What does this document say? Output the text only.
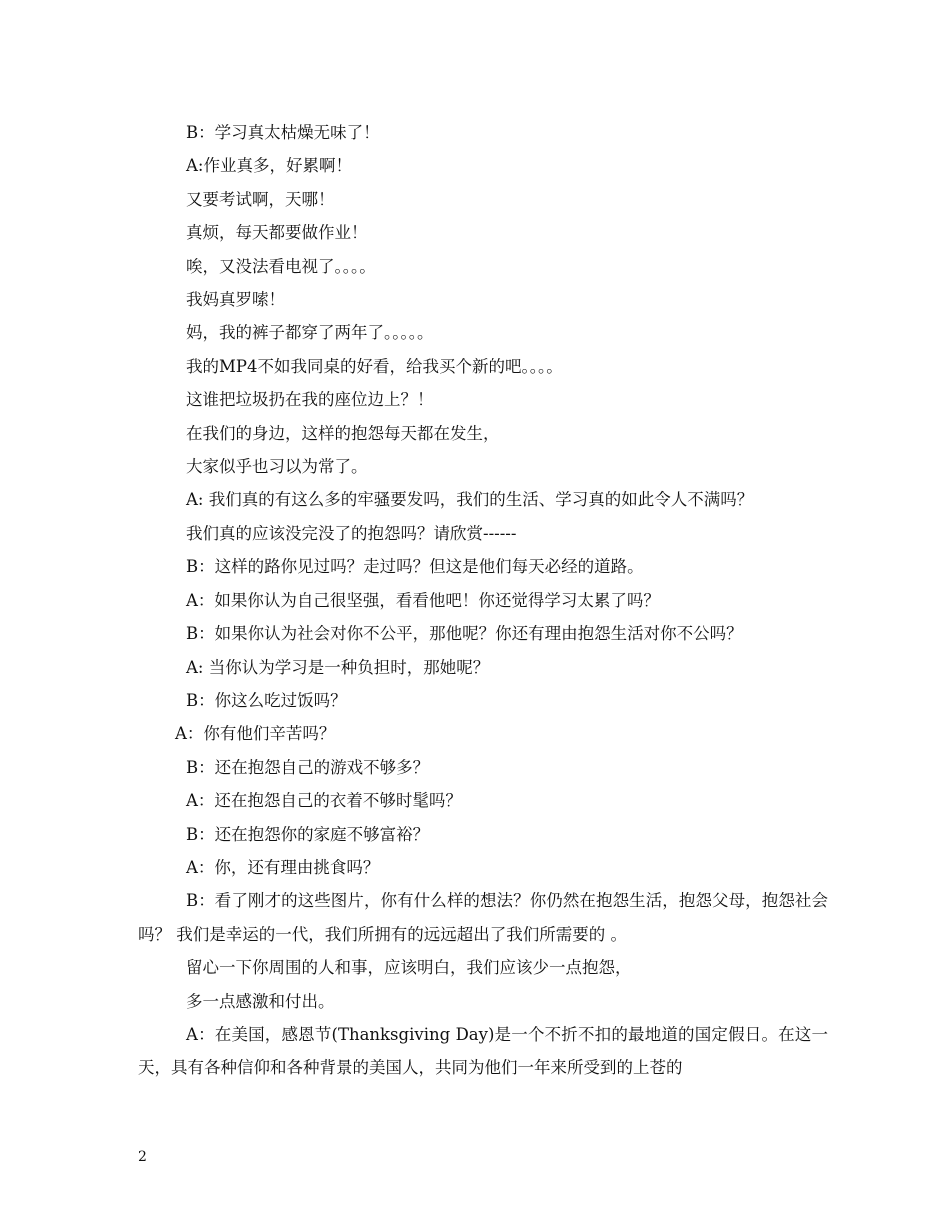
B：学习真太枯燥无味了！

A:作业真多，好累啊！

又要考试啊，天哪！

真烦，每天都要做作业！

唉，又没法看电视了。。。。

我妈真罗嗦！

妈，我的裤子都穿了两年了。。。。。

我的MP4不如我同桌的好看，给我买个新的吧。。。。

这谁把垃圾扔在我的座位边上？！

在我们的身边，这样的抱怨每天都在发生，

大家似乎也习以为常了。

A: 我们真的有这么多的牢骚要发吗，我们的生活、学习真的如此令人不满吗？

我们真的应该没完没了的抱怨吗？请欣赏------

B：这样的路你见过吗？走过吗？但这是他们每天必经的道路。

A：如果你认为自己很坚强，看看他吧！你还觉得学习太累了吗？

B：如果你认为社会对你不公平，那他呢？你还有理由抱怨生活对你不公吗？

A: 当你认为学习是一种负担时，那她呢？

B：你这么吃过饭吗？

A：你有他们辛苦吗？

B：还在抱怨自己的游戏不够多？

A：还在抱怨自己的衣着不够时髦吗？

B：还在抱怨你的家庭不够富裕？

A：你，还有理由挑食吗？

B：看了刚才的这些图片，你有什么样的想法？你仍然在抱怨生活，抱怨父母，抱怨社会吗？ 我们是幸运的一代，我们所拥有的远远超出了我们所需要的 。

留心一下你周围的人和事，应该明白，我们应该少一点抱怨，

多一点感激和付出。

A：在美国，感恩节(Thanksgiving Day)是一个不折不扣的最地道的国定假日。在这一天，具有各种信仰和各种背景的美国人，共同为他们一年来所受到的上苍的

2
